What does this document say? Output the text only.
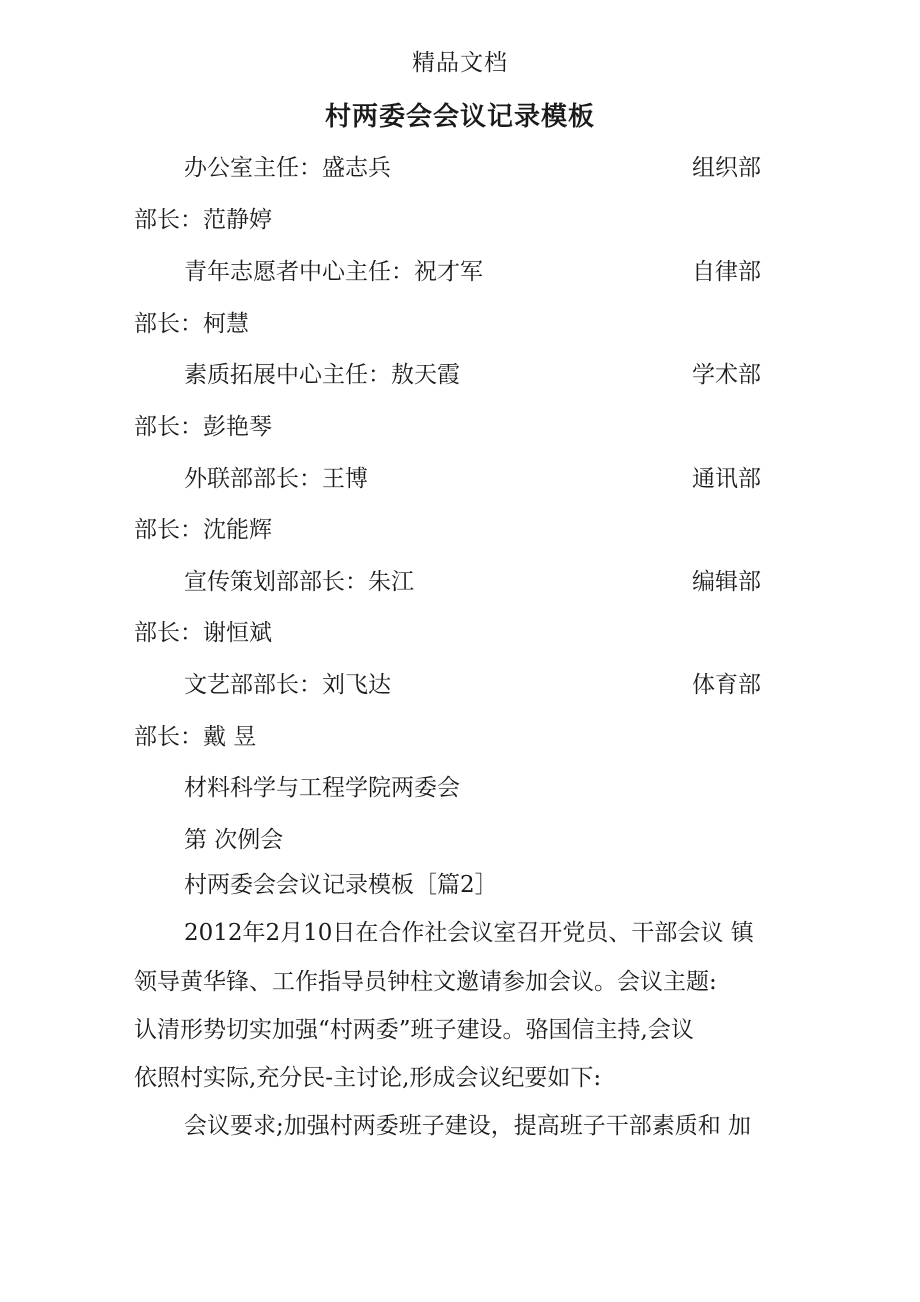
精品文档
村两委会会议记录模板
办公室主任：盛志兵	组织部
部长：范静婷
青年志愿者中心主任：祝才军	自律部
部长：柯慧
素质拓展中心主任：敖天霞	学术部
部长：彭艳琴
外联部部长：王博	通讯部
部长：沈能辉
宣传策划部部长：朱江	编辑部
部长：谢恒斌
文艺部部长：刘飞达	体育部
部长：戴 昱
材料科学与工程学院两委会
第 次例会
村两委会会议记录模板［篇2］
2012年2月10日在合作社会议室召开党员、干部会议 镇
领导黄华锋、工作指导员钟柱文邀请参加会议。会议主题:
认清形势切实加强“村两委”班子建设。骆国信主持,会议
依照村实际,充分民-主讨论,形成会议纪要如下:
会议要求;加强村两委班子建设，提高班子干部素质和 加
